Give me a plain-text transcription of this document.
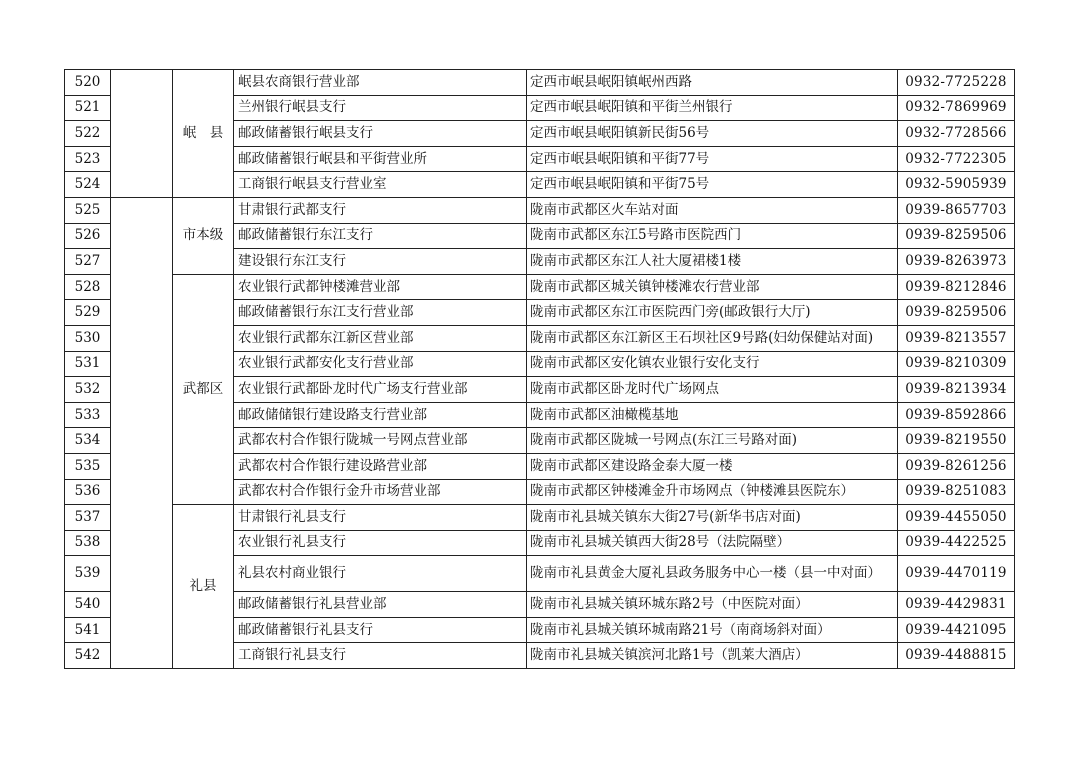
520		岷　县	岷县农商银行营业部	定西市岷县岷阳镇岷州西路	0932-7725228
521			兰州银行岷县支行	定西市岷县岷阳镇和平街兰州银行	0932-7869969
522			邮政储蓄银行岷县支行	定西市岷县岷阳镇新民街56号	0932-7728566
523			邮政储蓄银行岷县和平街营业所	定西市岷县岷阳镇和平街77号	0932-7722305
524			工商银行岷县支行营业室	定西市岷县岷阳镇和平街75号	0932-5905939
525		市本级	甘肃银行武都支行	陇南市武都区火车站对面	0939-8657703
526			邮政储蓄银行东江支行	陇南市武都区东江5号路市医院西门	0939-8259506
527			建设银行东江支行	陇南市武都区东江人社大厦裙楼1楼	0939-8263973
528		武都区	农业银行武都钟楼滩营业部	陇南市武都区城关镇钟楼滩农行营业部	0939-8212846
529			邮政储蓄银行东江支行营业部	陇南市武都区东江市医院西门旁(邮政银行大厅)	0939-8259506
530			农业银行武都东江新区营业部	陇南市武都区东江新区王石坝社区9号路(妇幼保健站对面)	0939-8213557
531			农业银行武都安化支行营业部	陇南市武都区安化镇农业银行安化支行	0939-8210309
532			农业银行武都卧龙时代广场支行营业部	陇南市武都区卧龙时代广场网点	0939-8213934
533			邮政储储银行建设路支行营业部	陇南市武都区油橄榄基地	0939-8592866
534			武都农村合作银行陇城一号网点营业部	陇南市武都区陇城一号网点(东江三号路对面)	0939-8219550
535			武都农村合作银行建设路营业部	陇南市武都区建设路金泰大厦一楼	0939-8261256
536			武都农村合作银行金升市场营业部	陇南市武都区钟楼滩金升市场网点（钟楼滩县医院东）	0939-8251083
537		礼县	甘肃银行礼县支行	陇南市礼县城关镇东大街27号(新华书店对面)	0939-4455050
538			农业银行礼县支行	陇南市礼县城关镇西大街28号（法院隔壁）	0939-4422525
539			礼县农村商业银行	陇南市礼县黄金大厦礼县政务服务中心一楼（县一中对面）	0939-4470119
540			邮政储蓄银行礼县营业部	陇南市礼县城关镇环城东路2号（中医院对面）	0939-4429831
541			邮政储蓄银行礼县支行	陇南市礼县城关镇环城南路21号（南商场斜对面）	0939-4421095
542			工商银行礼县支行	陇南市礼县城关镇滨河北路1号（凯莱大酒店）	0939-4488815
